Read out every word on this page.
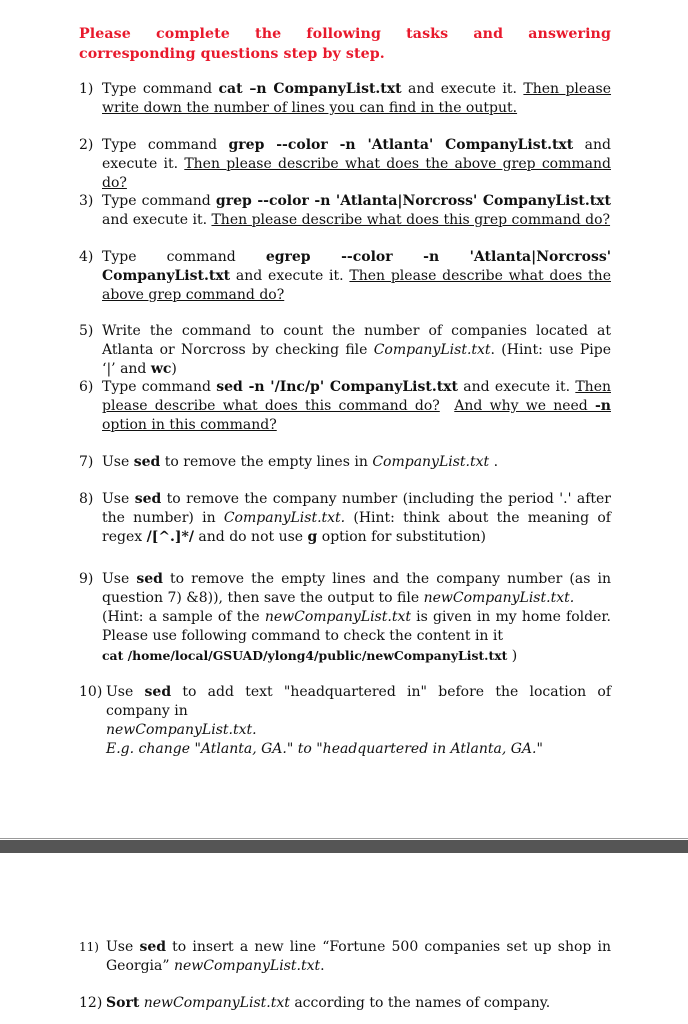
Please complete the following tasks and answering corresponding questions step by step.
1) Type command cat –n CompanyList.txt and execute it. Then please write down the number of lines you can find in the output.
2) Type command grep --color -n 'Atlanta' CompanyList.txt and execute it. Then please describe what does the above grep command do?
3) Type command grep --color -n 'Atlanta|Norcross' CompanyList.txt and execute it. Then please describe what does this grep command do?
4) Type command egrep --color -n 'Atlanta|Norcross' CompanyList.txt and execute it. Then please describe what does the above grep command do?
5) Write the command to count the number of companies located at Atlanta or Norcross by checking file CompanyList.txt. (Hint: use Pipe ‘|’ and wc)
6) Type command sed -n '/Inc/p' CompanyList.txt and execute it. Then please describe what does this command do? And why we need -n option in this command?
7) Use sed to remove the empty lines in CompanyList.txt .
8) Use sed to remove the company number (including the period '.' after the number) in CompanyList.txt. (Hint: think about the meaning of regex /[^.]*/ and do not use g option for substitution)
9) Use sed to remove the empty lines and the company number (as in question 7) &8)), then save the output to file newCompanyList.txt.
(Hint: a sample of the newCompanyList.txt is given in my home folder. Please use following command to check the content in it
cat /home/local/GSUAD/ylong4/public/newCompanyList.txt )
10) Use sed to add text "headquartered in" before the location of company in
newCompanyList.txt.
E.g. change "Atlanta, GA." to "headquartered in Atlanta, GA."
11) Use sed to insert a new line “Fortune 500 companies set up shop in Georgia” newCompanyList.txt.
12) Sort newCompanyList.txt according to the names of company.
